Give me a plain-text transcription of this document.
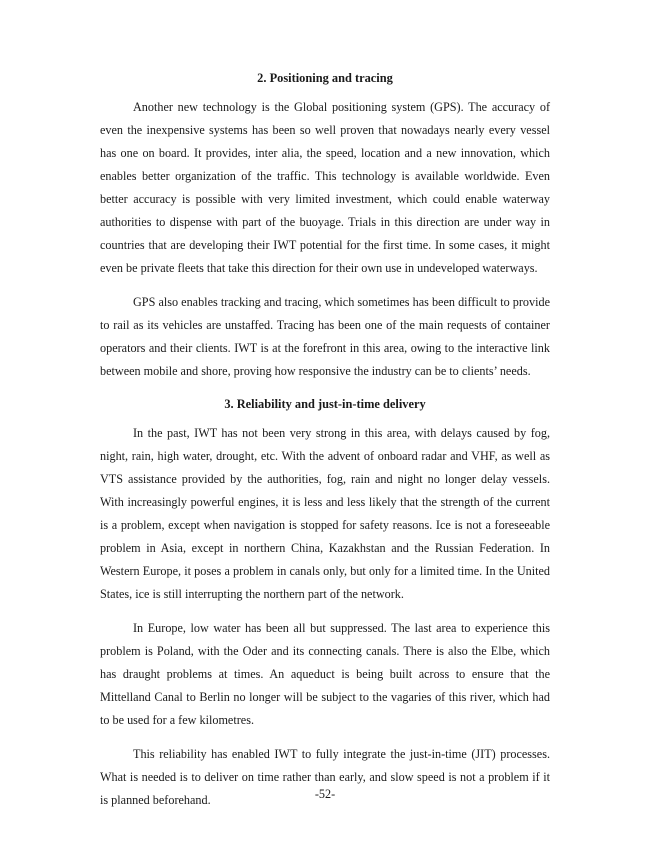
2. Positioning and tracing

Another new technology is the Global positioning system (GPS). The accuracy of even the inexpensive systems has been so well proven that nowadays nearly every vessel has one on board. It provides, inter alia, the speed, location and a new innovation, which enables better organization of the traffic. This technology is available worldwide. Even better accuracy is possible with very limited investment, which could enable waterway authorities to dispense with part of the buoyage. Trials in this direction are under way in countries that are developing their IWT potential for the first time. In some cases, it might even be private fleets that take this direction for their own use in undeveloped waterways.

GPS also enables tracking and tracing, which sometimes has been difficult to provide to rail as its vehicles are unstaffed. Tracing has been one of the main requests of container operators and their clients. IWT is at the forefront in this area, owing to the interactive link between mobile and shore, proving how responsive the industry can be to clients’ needs.

3. Reliability and just-in-time delivery

In the past, IWT has not been very strong in this area, with delays caused by fog, night, rain, high water, drought, etc. With the advent of onboard radar and VHF, as well as VTS assistance provided by the authorities, fog, rain and night no longer delay vessels. With increasingly powerful engines, it is less and less likely that the strength of the current is a problem, except when navigation is stopped for safety reasons. Ice is not a foreseeable problem in Asia, except in northern China, Kazakhstan and the Russian Federation. In Western Europe, it poses a problem in canals only, but only for a limited time. In the United States, ice is still interrupting the northern part of the network.

In Europe, low water has been all but suppressed. The last area to experience this problem is Poland, with the Oder and its connecting canals. There is also the Elbe, which has draught problems at times. An aqueduct is being built across to ensure that the Mittelland Canal to Berlin no longer will be subject to the vagaries of this river, which had to be used for a few kilometres.

This reliability has enabled IWT to fully integrate the just-in-time (JIT) processes. What is needed is to deliver on time rather than early, and slow speed is not a problem if it is planned beforehand.	-52-
